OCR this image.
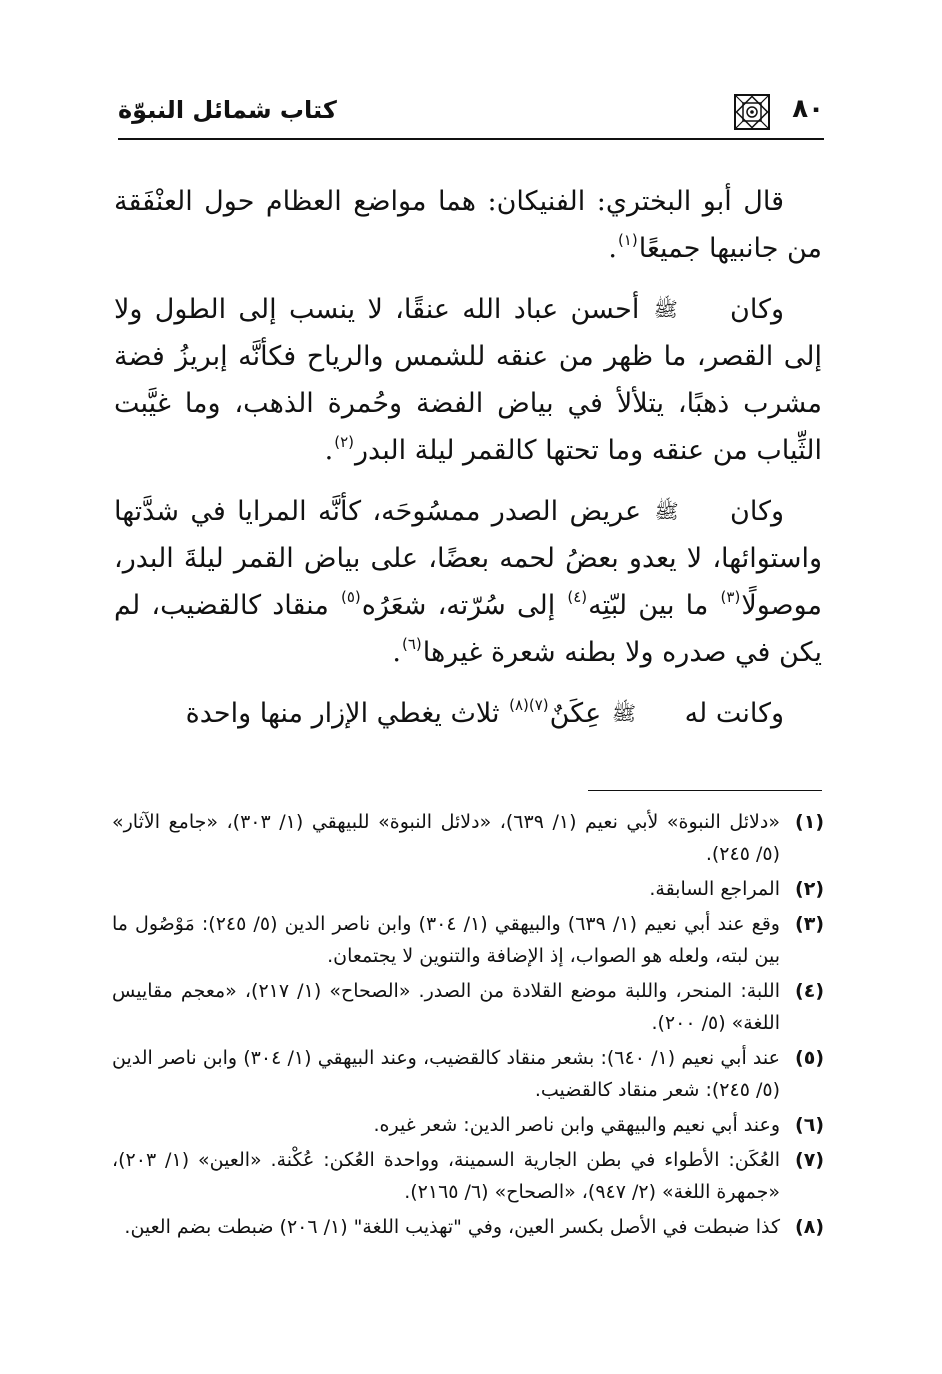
٨٠
كتاب شمائل النبوّة

قال أبو البختري: الفنيكان: هما مواضع العظام حول العنْفَقة من جانبيها جميعًا$^{(١)}$.

وكان ﷺ أحسن عباد الله عنقًا، لا ينسب إلى الطول ولا إلى القصر، ما ظهر من عنقه للشمس والرياح فكأنَّه إبريزُ فضة مشرب ذهبًا، يتلألأ في بياض الفضة وحُمرة الذهب، وما غيَّبت الثِّياب من عنقه وما تحتها كالقمر ليلة البدر$^{(٢)}$.

وكان ﷺ عريض الصدر ممسُوحَه، كأنَّه المرايا في شدَّتها واستوائها، لا يعدو بعضُ لحمه بعضًا، على بياض القمر ليلةَ البدر، موصولًا$^{(٣)}$ ما بين لبّتِه$^{(٤)}$ إلى سُرّته، شعَرُه$^{(٥)}$ منقاد كالقضيب، لم يكن في صدره ولا بطنه شعرة غيرها$^{(٦)}$.

وكانت له ﷺ عِكَنٌ$^{(٧)(٨)}$ ثلاث يغطي الإزار منها واحدة

(١)
«دلائل النبوة» لأبي نعيم (١/ ٦٣٩)، «دلائل النبوة» للبيهقي (١/ ٣٠٣)، «جامع الآثار» (٥/ ٢٤٥).
(٢)
المراجع السابقة.
(٣)
وقع عند أبي نعيم (١/ ٦٣٩) والبيهقي (١/ ٣٠٤) وابن ناصر الدين (٥/ ٢٤٥): مَوْصُول ما بين لبته، ولعله هو الصواب، إذ الإضافة والتنوين لا يجتمعان.
(٤)
اللبة: المنحر، واللبة موضع القلادة من الصدر. «الصحاح» (١/ ٢١٧)، «معجم مقاييس اللغة» (٥/ ٢٠٠).
(٥)
عند أبي نعيم (١/ ٦٤٠): بشعر منقاد كالقضيب، وعند البيهقي (١/ ٣٠٤) وابن ناصر الدين (٥/ ٢٤٥): شعر منقاد كالقضيب.
(٦)
وعند أبي نعيم والبيهقي وابن ناصر الدين: شعر غيره.
(٧)
العُكَن: الأطواء في بطن الجارية السمينة، وواحدة العُكن: عُكْنة. «العين» (١/ ٢٠٣)، «جمهرة اللغة» (٢/ ٩٤٧)، «الصحاح» (٦/ ٢١٦٥).
(٨)
كذا ضبطت في الأصل بكسر العين، وفي "تهذيب اللغة" (١/ ٢٠٦) ضبطت بضم العين.
